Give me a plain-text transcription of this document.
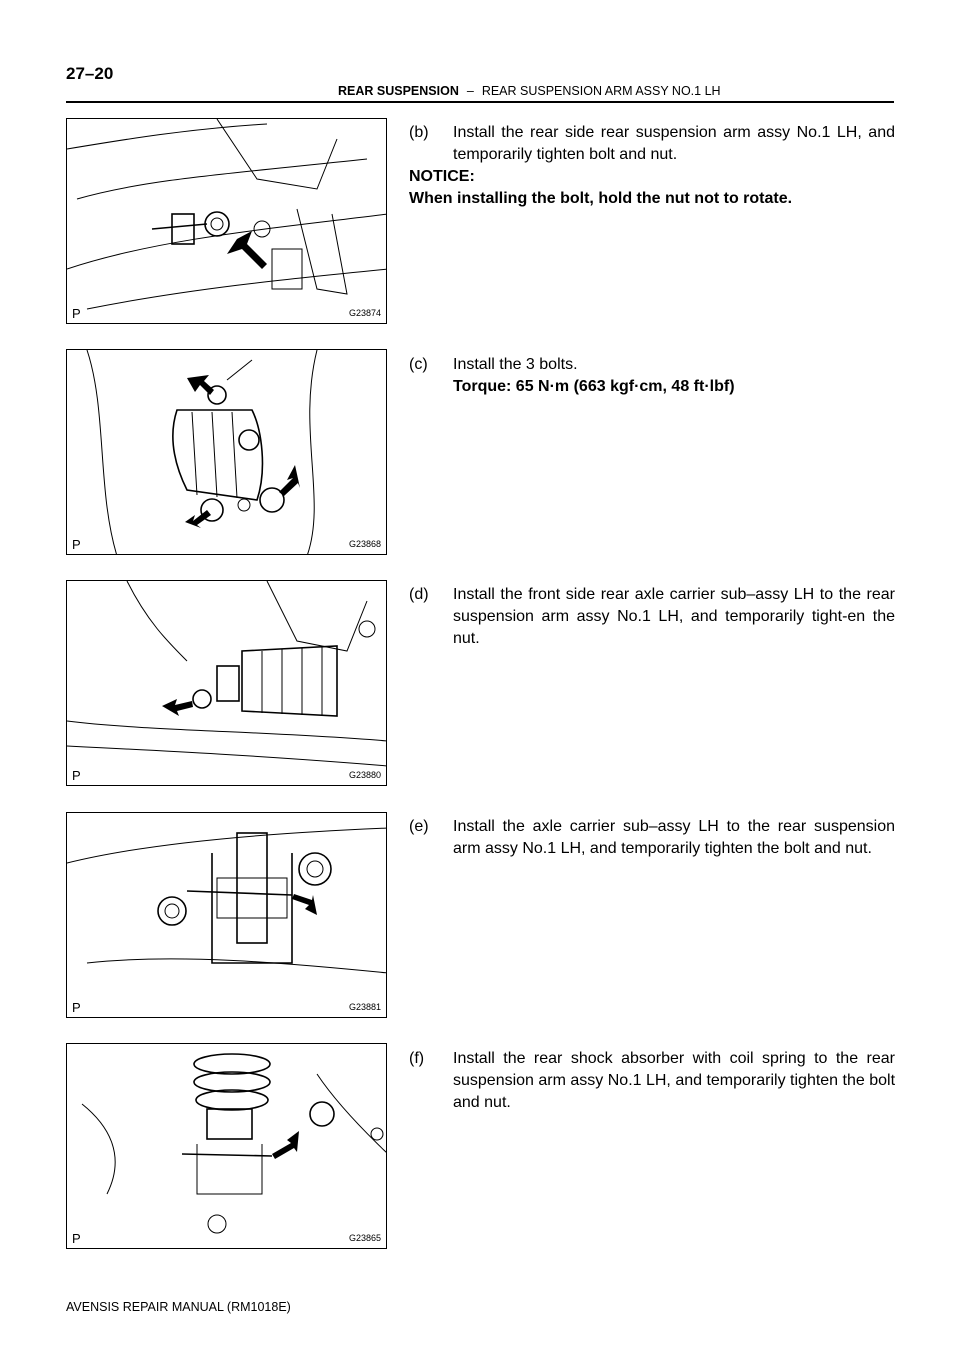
27–20
REAR SUSPENSION – REAR SUSPENSION ARM ASSY NO.1 LH
P	G23874
P	G23868
P	G23880
P	G23881
P	G23865
(b)	Install the rear side rear suspension arm assy No.1 LH, and temporarily tighten bolt and nut.
NOTICE:
When installing the bolt, hold the nut not to rotate.
(c)	Install the 3 bolts.
Torque: 65 N·m (663 kgf·cm, 48 ft·lbf)
(d)	Install the front side rear axle carrier sub–assy LH to the rear suspension arm assy No.1 LH, and temporarily tight-en the nut.
(e)	Install the axle carrier sub–assy LH to the rear suspension arm assy No.1 LH, and temporarily tighten the bolt and nut.
(f)	Install the rear shock absorber with coil spring to the rear suspension arm assy No.1 LH, and temporarily tighten the bolt and nut.
AVENSIS REPAIR MANUAL (RM1018E)
